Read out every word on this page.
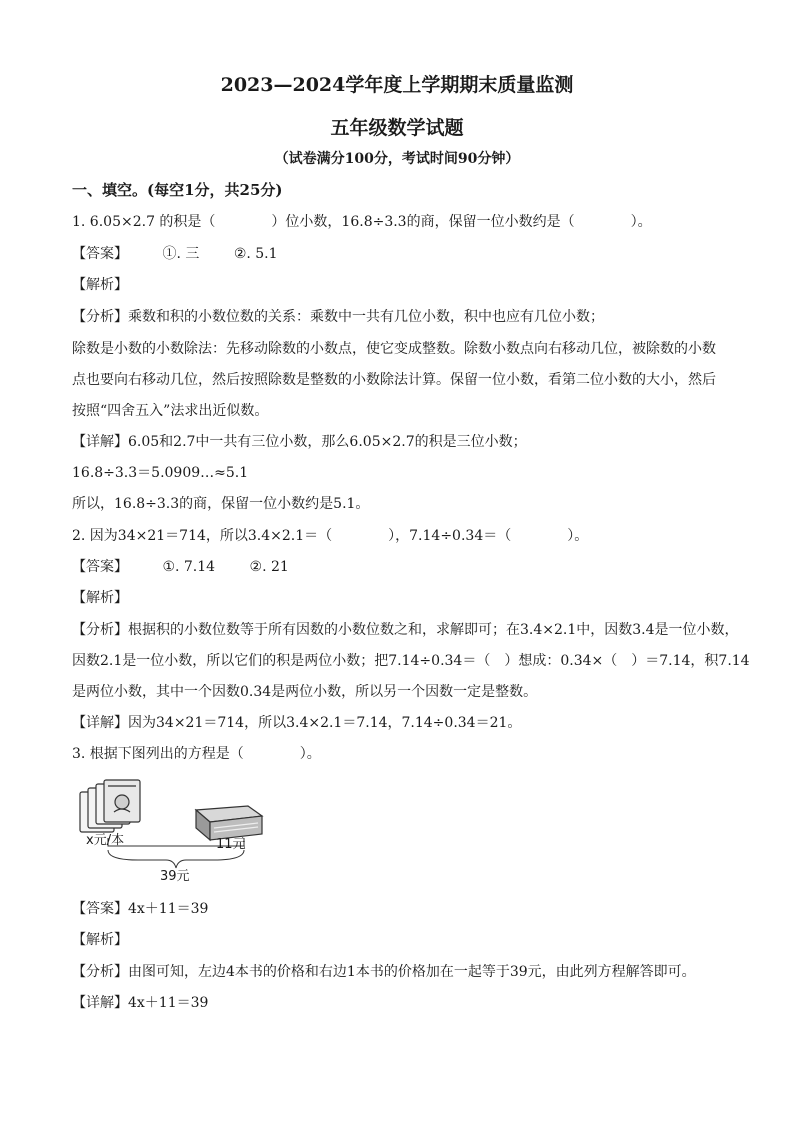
2023—2024学年度上学期期末质量监测
五年级数学试题
（试卷满分100分，考试时间90分钟）
一、填空。(每空1分，共25分)
1. 6.05×2.7 的积是（　　　　）位小数，16.8÷3.3的商，保留一位小数约是（　　　　）。
【答案】 ①. 三 ②. 5.1
【解析】
【分析】乘数和积的小数位数的关系：乘数中一共有几位小数，积中也应有几位小数；
除数是小数的小数除法：先移动除数的小数点，使它变成整数。除数小数点向右移动几位，被除数的小数
点也要向右移动几位，然后按照除数是整数的小数除法计算。保留一位小数，看第二位小数的大小，然后
按照“四舍五入”法求出近似数。
【详解】6.05和2.7中一共有三位小数，那么6.05×2.7的积是三位小数；
16.8÷3.3＝5.0909…≈5.1
所以，16.8÷3.3的商，保留一位小数约是5.1。
2. 因为34×21＝714，所以3.4×2.1＝（　　　　），7.14÷0.34＝（　　　　）。
【答案】 ①. 7.14 ②. 21
【解析】
【分析】根据积的小数位数等于所有因数的小数位数之和，求解即可；在3.4×2.1中，因数3.4是一位小数，
因数2.1是一位小数，所以它们的积是两位小数；把7.14÷0.34＝（　）想成：0.34×（　）＝7.14，积7.14
是两位小数，其中一个因数0.34是两位小数，所以另一个因数一定是整数。
【详解】因为34×21＝714，所以3.4×2.1＝7.14，7.14÷0.34＝21。
3. 根据下图列出的方程是（　　　　）。
x元/本	11元
39元
【答案】4x＋11＝39
【解析】
【分析】由图可知，左边4本书的价格和右边1本书的价格加在一起等于39元，由此列方程解答即可。
【详解】4x＋11＝39
